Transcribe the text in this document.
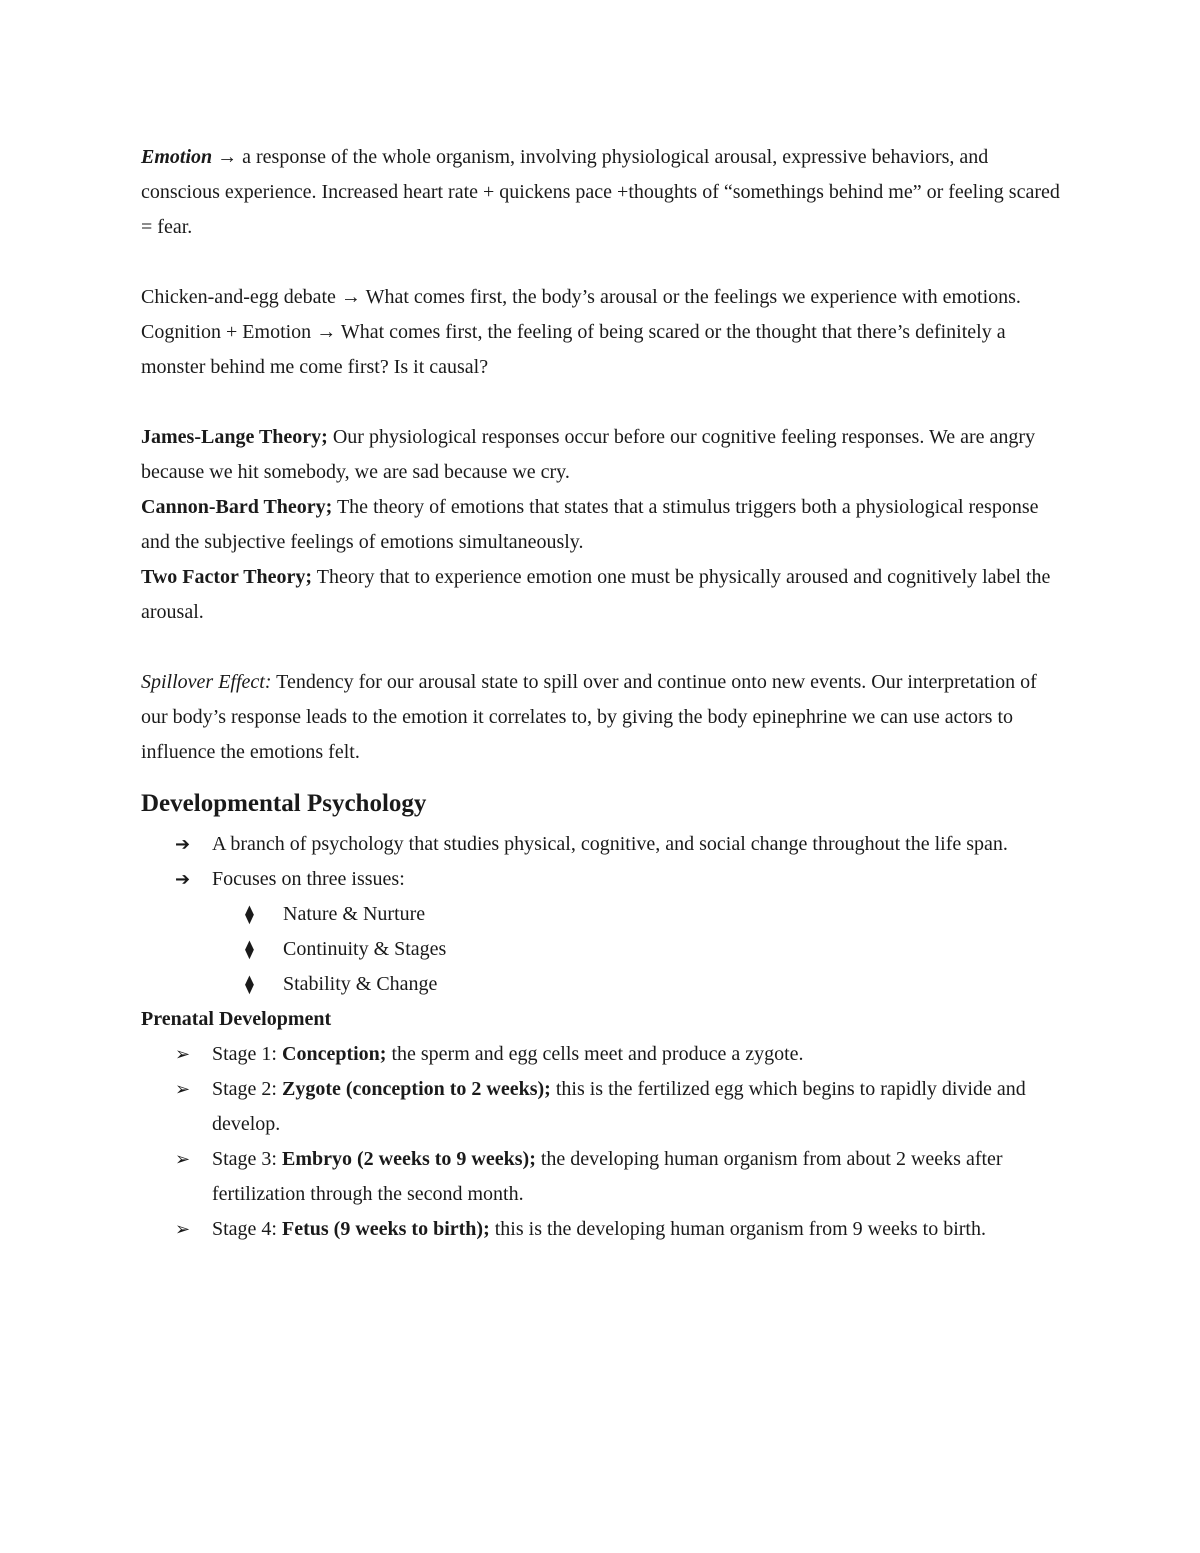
Emotion → a response of the whole organism, involving physiological arousal, expressive behaviors, and conscious experience. Increased heart rate + quickens pace +thoughts of “somethings behind me” or feeling scared = fear.

Chicken-and-egg debate → What comes first, the body’s arousal or the feelings we experience with emotions.

Cognition + Emotion → What comes first, the feeling of being scared or the thought that there’s definitely a monster behind me come first? Is it causal?

James-Lange Theory; Our physiological responses occur before our cognitive feeling responses. We are angry because we hit somebody, we are sad because we cry.

Cannon-Bard Theory; The theory of emotions that states that a stimulus triggers both a physiological response and the subjective feelings of emotions simultaneously.

Two Factor Theory; Theory that to experience emotion one must be physically aroused and cognitively label the arousal.

Spillover Effect: Tendency for our arousal state to spill over and continue onto new events. Our interpretation of our body’s response leads to the emotion it correlates to, by giving the body epinephrine we can use actors to influence the emotions felt.

Developmental Psychology
➔	A branch of psychology that studies physical, cognitive, and social change throughout the life span.
➔	Focuses on three issues:
⧫	Nature & Nurture
⧫	Continuity & Stages
⧫	Stability & Change
Prenatal Development
➢	Stage 1: Conception; the sperm and egg cells meet and produce a zygote.
➢	Stage 2: Zygote (conception to 2 weeks); this is the fertilized egg which begins to rapidly divide and develop.
➢	Stage 3: Embryo (2 weeks to 9 weeks); the developing human organism from about 2 weeks after fertilization through the second month.
➢	Stage 4: Fetus (9 weeks to birth); this is the developing human organism from 9 weeks to birth.
